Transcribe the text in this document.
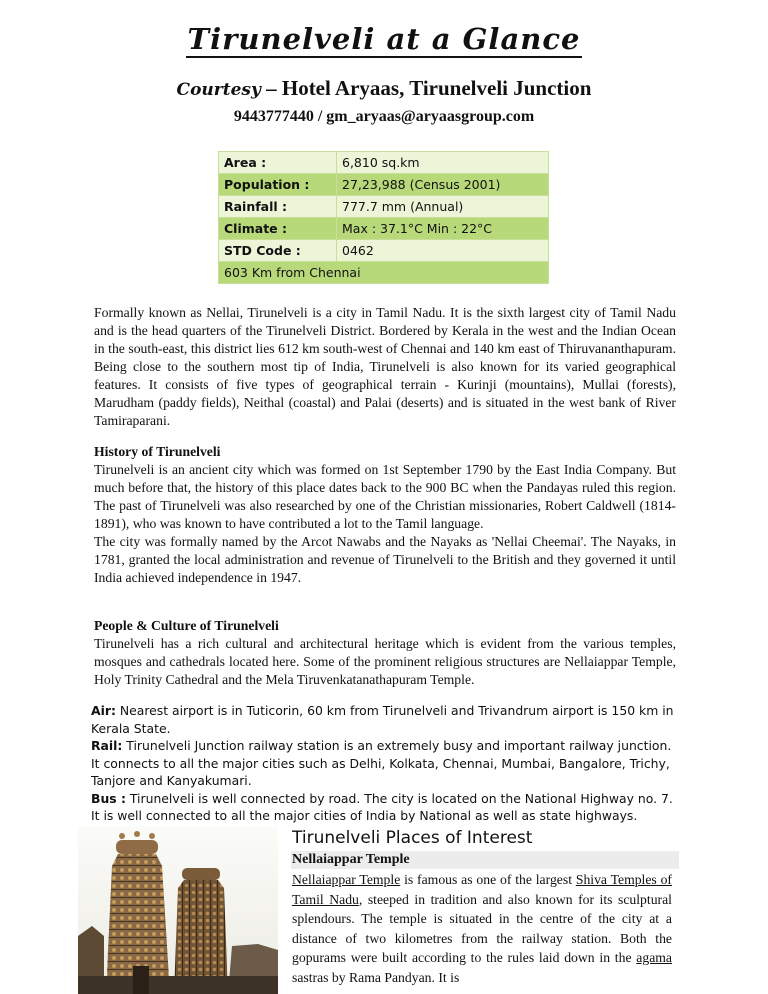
Tirunelveli at a Glance
Courtesy – Hotel Aryaas, Tirunelveli Junction
9443777440 / gm_aryaas@aryaasgroup.com
Area :	6,810 sq.km
Population :	27,23,988 (Census 2001)
Rainfall :	777.7 mm (Annual)
Climate :	Max : 37.1°C Min : 22°C
STD Code :	0462
603 Km from Chennai	
Formally known as Nellai, Tirunelveli is a city in Tamil Nadu. It is the sixth largest city of Tamil Nadu and is the head quarters of the Tirunelveli District. Bordered by Kerala in the west and the Indian Ocean in the south-east, this district lies 612 km south-west of Chennai and 140 km east of Thiruvananthapuram. Being close to the southern most tip of India, Tirunelveli is also known for its varied geographical features. It consists of five types of geographical terrain - Kurinji (mountains), Mullai (forests), Marudham (paddy fields), Neithal (coastal) and Palai (deserts) and is situated in the west bank of River Tamiraparani.
History of Tirunelveli
Tirunelveli is an ancient city which was formed on 1st September 1790 by the East India Company. But much before that, the history of this place dates back to the 900 BC when the Pandayas ruled this region. The past of Tirunelveli was also researched by one of the Christian missionaries, Robert Caldwell (1814-1891), who was known to have contributed a lot to the Tamil language.
The city was formally named by the Arcot Nawabs and the Nayaks as 'Nellai Cheemai'. The Nayaks, in 1781, granted the local administration and revenue of Tirunelveli to the British and they governed it until India achieved independence in 1947.
People & Culture of Tirunelveli
Tirunelveli has a rich cultural and architectural heritage which is evident from the various temples, mosques and cathedrals located here. Some of the prominent religious structures are Nellaiappar Temple, Holy Trinity Cathedral and the Mela Tiruvenkatanathapuram Temple.
Air: Nearest airport is in Tuticorin, 60 km from Tirunelveli and Trivandrum airport is 150 km in Kerala State.
Rail: Tirunelveli Junction railway station is an extremely busy and important railway junction. It connects to all the major cities such as Delhi, Kolkata, Chennai, Mumbai, Bangalore, Trichy, Tanjore and Kanyakumari.
Bus : Tirunelveli is well connected by road. The city is located on the National Highway no. 7. It is well connected to all the major cities of India by National as well as state highways.
Tirunelveli Places of Interest
Nellaiappar Temple
Nellaiappar Temple is famous as one of the largest Shiva Temples of Tamil Nadu, steeped in tradition and also known for its sculptural splendours. The temple is situated in the centre of the city at a distance of two kilometres from the railway station. Both the gopurams were built according to the rules laid down in the agama sastras by Rama Pandyan. It is
